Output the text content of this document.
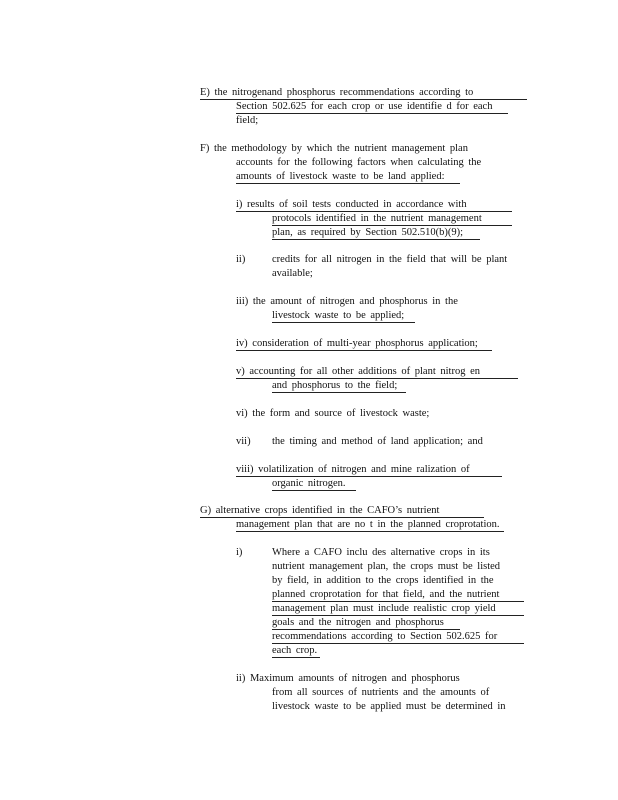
E) the nitrogenand phosphorus recommendations according to
Section 502.625 for each crop or use identifie d for each
field;
F) the methodology by which the nutrient management plan
accounts for the following factors when calculating the
amounts of livestock waste to be land applied:
i) results of soil tests conducted in accordance with
protocols identified in the nutrient management
plan, as required by Section 502.510(b)(9);
ii)	credits for all nitrogen in the field that will be plant
available;
iii) the amount of nitrogen and phosphorus in the
livestock waste to be applied;
iv) consideration of multi-year phosphorus application;
v) accounting for all other additions of plant nitrog en
and phosphorus to the field;
vi) the form and source of livestock waste;
vii) the timing and method of land application; and
viii) volatilization of nitrogen and mine ralization of
organic nitrogen.
G) alternative crops identified in the CAFO’s nutrient
management plan that are no t in the planned croprotation.
i)	Where a CAFO inclu des alternative crops in its
nutrient management plan, the crops must be listed
by field, in addition to the crops identified in the
planned croprotation for that field, and the nutrient
management plan must include realistic crop yield
goals and the nitrogen and phosphorus
recommendations according to Section 502.625 for
each crop.
ii) Maximum amounts of nitrogen and phosphorus
from all sources of nutrients and the amounts of
livestock waste to be applied must be determined in
